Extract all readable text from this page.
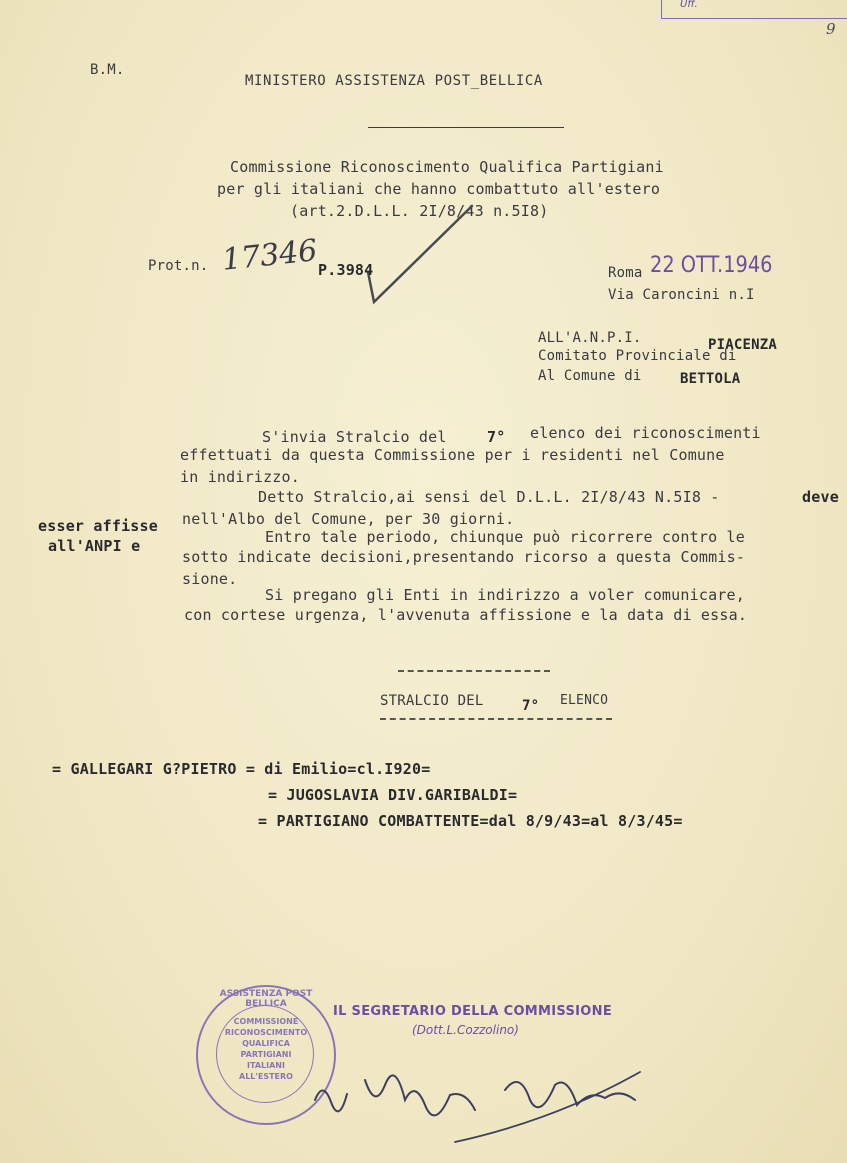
Uff.
9
B.M.
MINISTERO ASSISTENZA POST_BELLICA
Commissione Riconoscimento Qualifica Partigiani
per gli italiani che hanno combattuto all'estero
(art.2.D.L.L. 2I/8/43 n.5I8)
Prot.n. 17346
P.3984	Roma 22 OTT.1946
Via Caroncini n.I
ALL'A.N.P.I.	PIACENZA
Comitato Provinciale di
Al Comune di	BETTOLA
S'invia Stralcio del	7° elenco dei riconoscimenti
effettuati da questa Commissione per i residenti nel Comune
in indirizzo.
Detto Stralcio,ai sensi del D.L.L. 2I/8/43 N.5I8 -	deve
esser affisse
all'ANPI e
nell'Albo del Comune, per 30 giorni.
Entro tale periodo, chiunque può ricorrere contro le
sotto indicate decisioni,presentando ricorso a questa Commis-
sione.
Si pregano gli Enti in indirizzo a voler comunicare,
con cortese urgenza, l'avvenuta affissione e la data di essa.
STRALCIO DEL	7° ELENCO
= GALLEGARI G?PIETRO = di Emilio=cl.I920=
= JUGOSLAVIA DIV.GARIBALDI=
= PARTIGIANO COMBATTENTE=dal 8/9/43=al 8/3/45=
ASSISTENZA POST BELLICA
COMMISSIONE
RICONOSCIMENTO
QUALIFICA
PARTIGIANI
ITALIANI
ALL'ESTERO
IL SEGRETARIO DELLA COMMISSIONE
(Dott.L.Cozzolino)
